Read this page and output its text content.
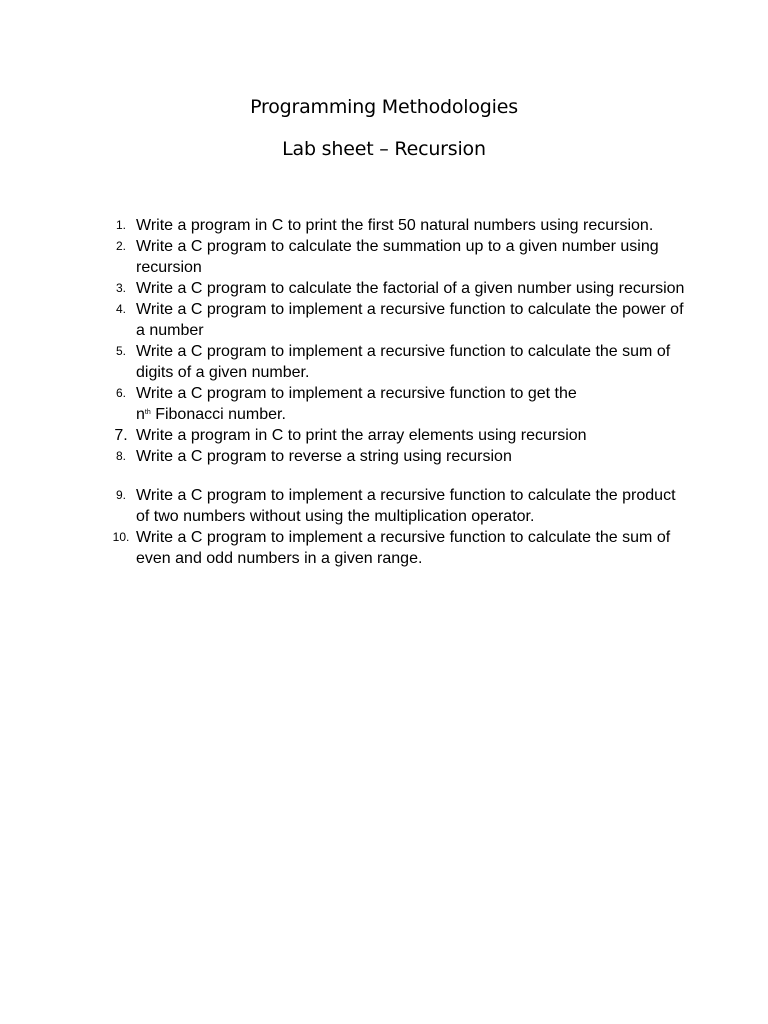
Programming Methodologies
Lab sheet – Recursion
1. Write a program in C to print the first 50 natural numbers using recursion.
2. Write a C program to calculate the summation up to a given number using recursion
3. Write a C program to calculate the factorial of a given number using recursion
4. Write a C program to implement a recursive function to calculate the power of a number
5. Write a C program to implement a recursive function to calculate the sum of digits of a given number.
6. Write a C program to implement a recursive function to get the
$n^{th}$ Fibonacci number.
7. Write a program in C to print the array elements using recursion
8. Write a C program to reverse a string using recursion
9. Write a C program to implement a recursive function to calculate the product of two numbers without using the multiplication operator.
10. Write a C program to implement a recursive function to calculate the sum of even and odd numbers in a given range.
